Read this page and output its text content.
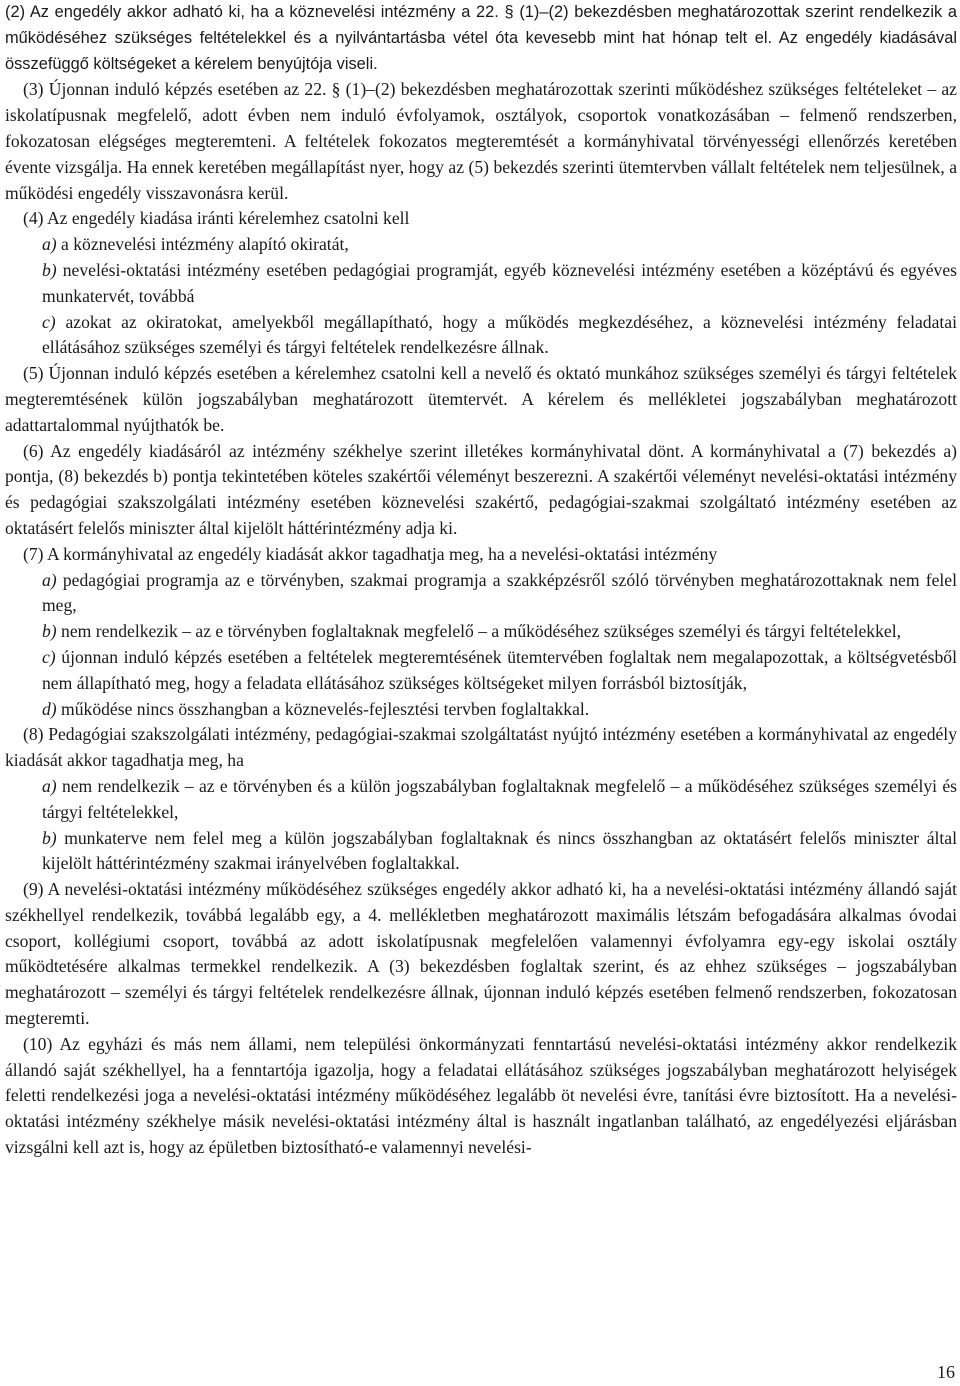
(2) Az engedély akkor adható ki, ha a köznevelési intézmény a 22. § (1)–(2) bekezdésben meghatározottak szerint rendelkezik a működéséhez szükséges feltételekkel és a nyilvántartásba vétel óta kevesebb mint hat hónap telt el. Az engedély kiadásával összefüggő költségeket a kérelem benyújtója viseli.

(3) Újonnan induló képzés esetében az 22. § (1)–(2) bekezdésben meghatározottak szerinti működéshez szükséges feltételeket – az iskolatípusnak megfelelő, adott évben nem induló évfolyamok, osztályok, csoportok vonatkozásában – felmenő rendszerben, fokozatosan elégséges megteremteni. A feltételek fokozatos megteremtését a kormányhivatal törvényességi ellenőrzés keretében évente vizsgálja. Ha ennek keretében megállapítást nyer, hogy az (5) bekezdés szerinti ütemtervben vállalt feltételek nem teljesülnek, a működési engedély visszavonásra kerül.

(4) Az engedély kiadása iránti kérelemhez csatolni kell

a) a köznevelési intézmény alapító okiratát,

b) nevelési-oktatási intézmény esetében pedagógiai programját, egyéb köznevelési intézmény esetében a középtávú és egyéves munkatervét, továbbá

c) azokat az okiratokat, amelyekből megállapítható, hogy a működés megkezdéséhez, a köznevelési intézmény feladatai ellátásához szükséges személyi és tárgyi feltételek rendelkezésre állnak.

(5) Újonnan induló képzés esetében a kérelemhez csatolni kell a nevelő és oktató munkához szükséges személyi és tárgyi feltételek megteremtésének külön jogszabályban meghatározott ütemtervét. A kérelem és mellékletei jogszabályban meghatározott adattartalommal nyújthatók be.

(6) Az engedély kiadásáról az intézmény székhelye szerint illetékes kormányhivatal dönt. A kormányhivatal a (7) bekezdés a) pontja, (8) bekezdés b) pontja tekintetében köteles szakértői véleményt beszerezni. A szakértői véleményt nevelési-oktatási intézmény és pedagógiai szakszolgálati intézmény esetében köznevelési szakértő, pedagógiai-szakmai szolgáltató intézmény esetében az oktatásért felelős miniszter által kijelölt háttérintézmény adja ki.

(7) A kormányhivatal az engedély kiadását akkor tagadhatja meg, ha a nevelési-oktatási intézmény

a) pedagógiai programja az e törvényben, szakmai programja a szakképzésről szóló törvényben meghatározottaknak nem felel meg,

b) nem rendelkezik – az e törvényben foglaltaknak megfelelő – a működéséhez szükséges személyi és tárgyi feltételekkel,

c) újonnan induló képzés esetében a feltételek megteremtésének ütemtervében foglaltak nem megalapozottak, a költségvetésből nem állapítható meg, hogy a feladata ellátásához szükséges költségeket milyen forrásból biztosítják,

d) működése nincs összhangban a köznevelés-fejlesztési tervben foglaltakkal.

(8) Pedagógiai szakszolgálati intézmény, pedagógiai-szakmai szolgáltatást nyújtó intézmény esetében a kormányhivatal az engedély kiadását akkor tagadhatja meg, ha

a) nem rendelkezik – az e törvényben és a külön jogszabályban foglaltaknak megfelelő – a működéséhez szükséges személyi és tárgyi feltételekkel,

b) munkaterve nem felel meg a külön jogszabályban foglaltaknak és nincs összhangban az oktatásért felelős miniszter által kijelölt háttérintézmény szakmai irányelvében foglaltakkal.

(9) A nevelési-oktatási intézmény működéséhez szükséges engedély akkor adható ki, ha a nevelési-oktatási intézmény állandó saját székhellyel rendelkezik, továbbá legalább egy, a 4. mellékletben meghatározott maximális létszám befogadására alkalmas óvodai csoport, kollégiumi csoport, továbbá az adott iskolatípusnak megfelelően valamennyi évfolyamra egy-egy iskolai osztály működtetésére alkalmas termekkel rendelkezik. A (3) bekezdésben foglaltak szerint, és az ehhez szükséges – jogszabályban meghatározott – személyi és tárgyi feltételek rendelkezésre állnak, újonnan induló képzés esetében felmenő rendszerben, fokozatosan megteremti.

(10) Az egyházi és más nem állami, nem települési önkormányzati fenntartású nevelési-oktatási intézmény akkor rendelkezik állandó saját székhellyel, ha a fenntartója igazolja, hogy a feladatai ellátásához szükséges jogszabályban meghatározott helyiségek feletti rendelkezési joga a nevelési-oktatási intézmény működéséhez legalább öt nevelési évre, tanítási évre biztosított. Ha a nevelési-oktatási intézmény székhelye másik nevelési-oktatási intézmény által is használt ingatlanban található, az engedélyezési eljárásban vizsgálni kell azt is, hogy az épületben biztosítható-e valamennyi nevelési-

16
